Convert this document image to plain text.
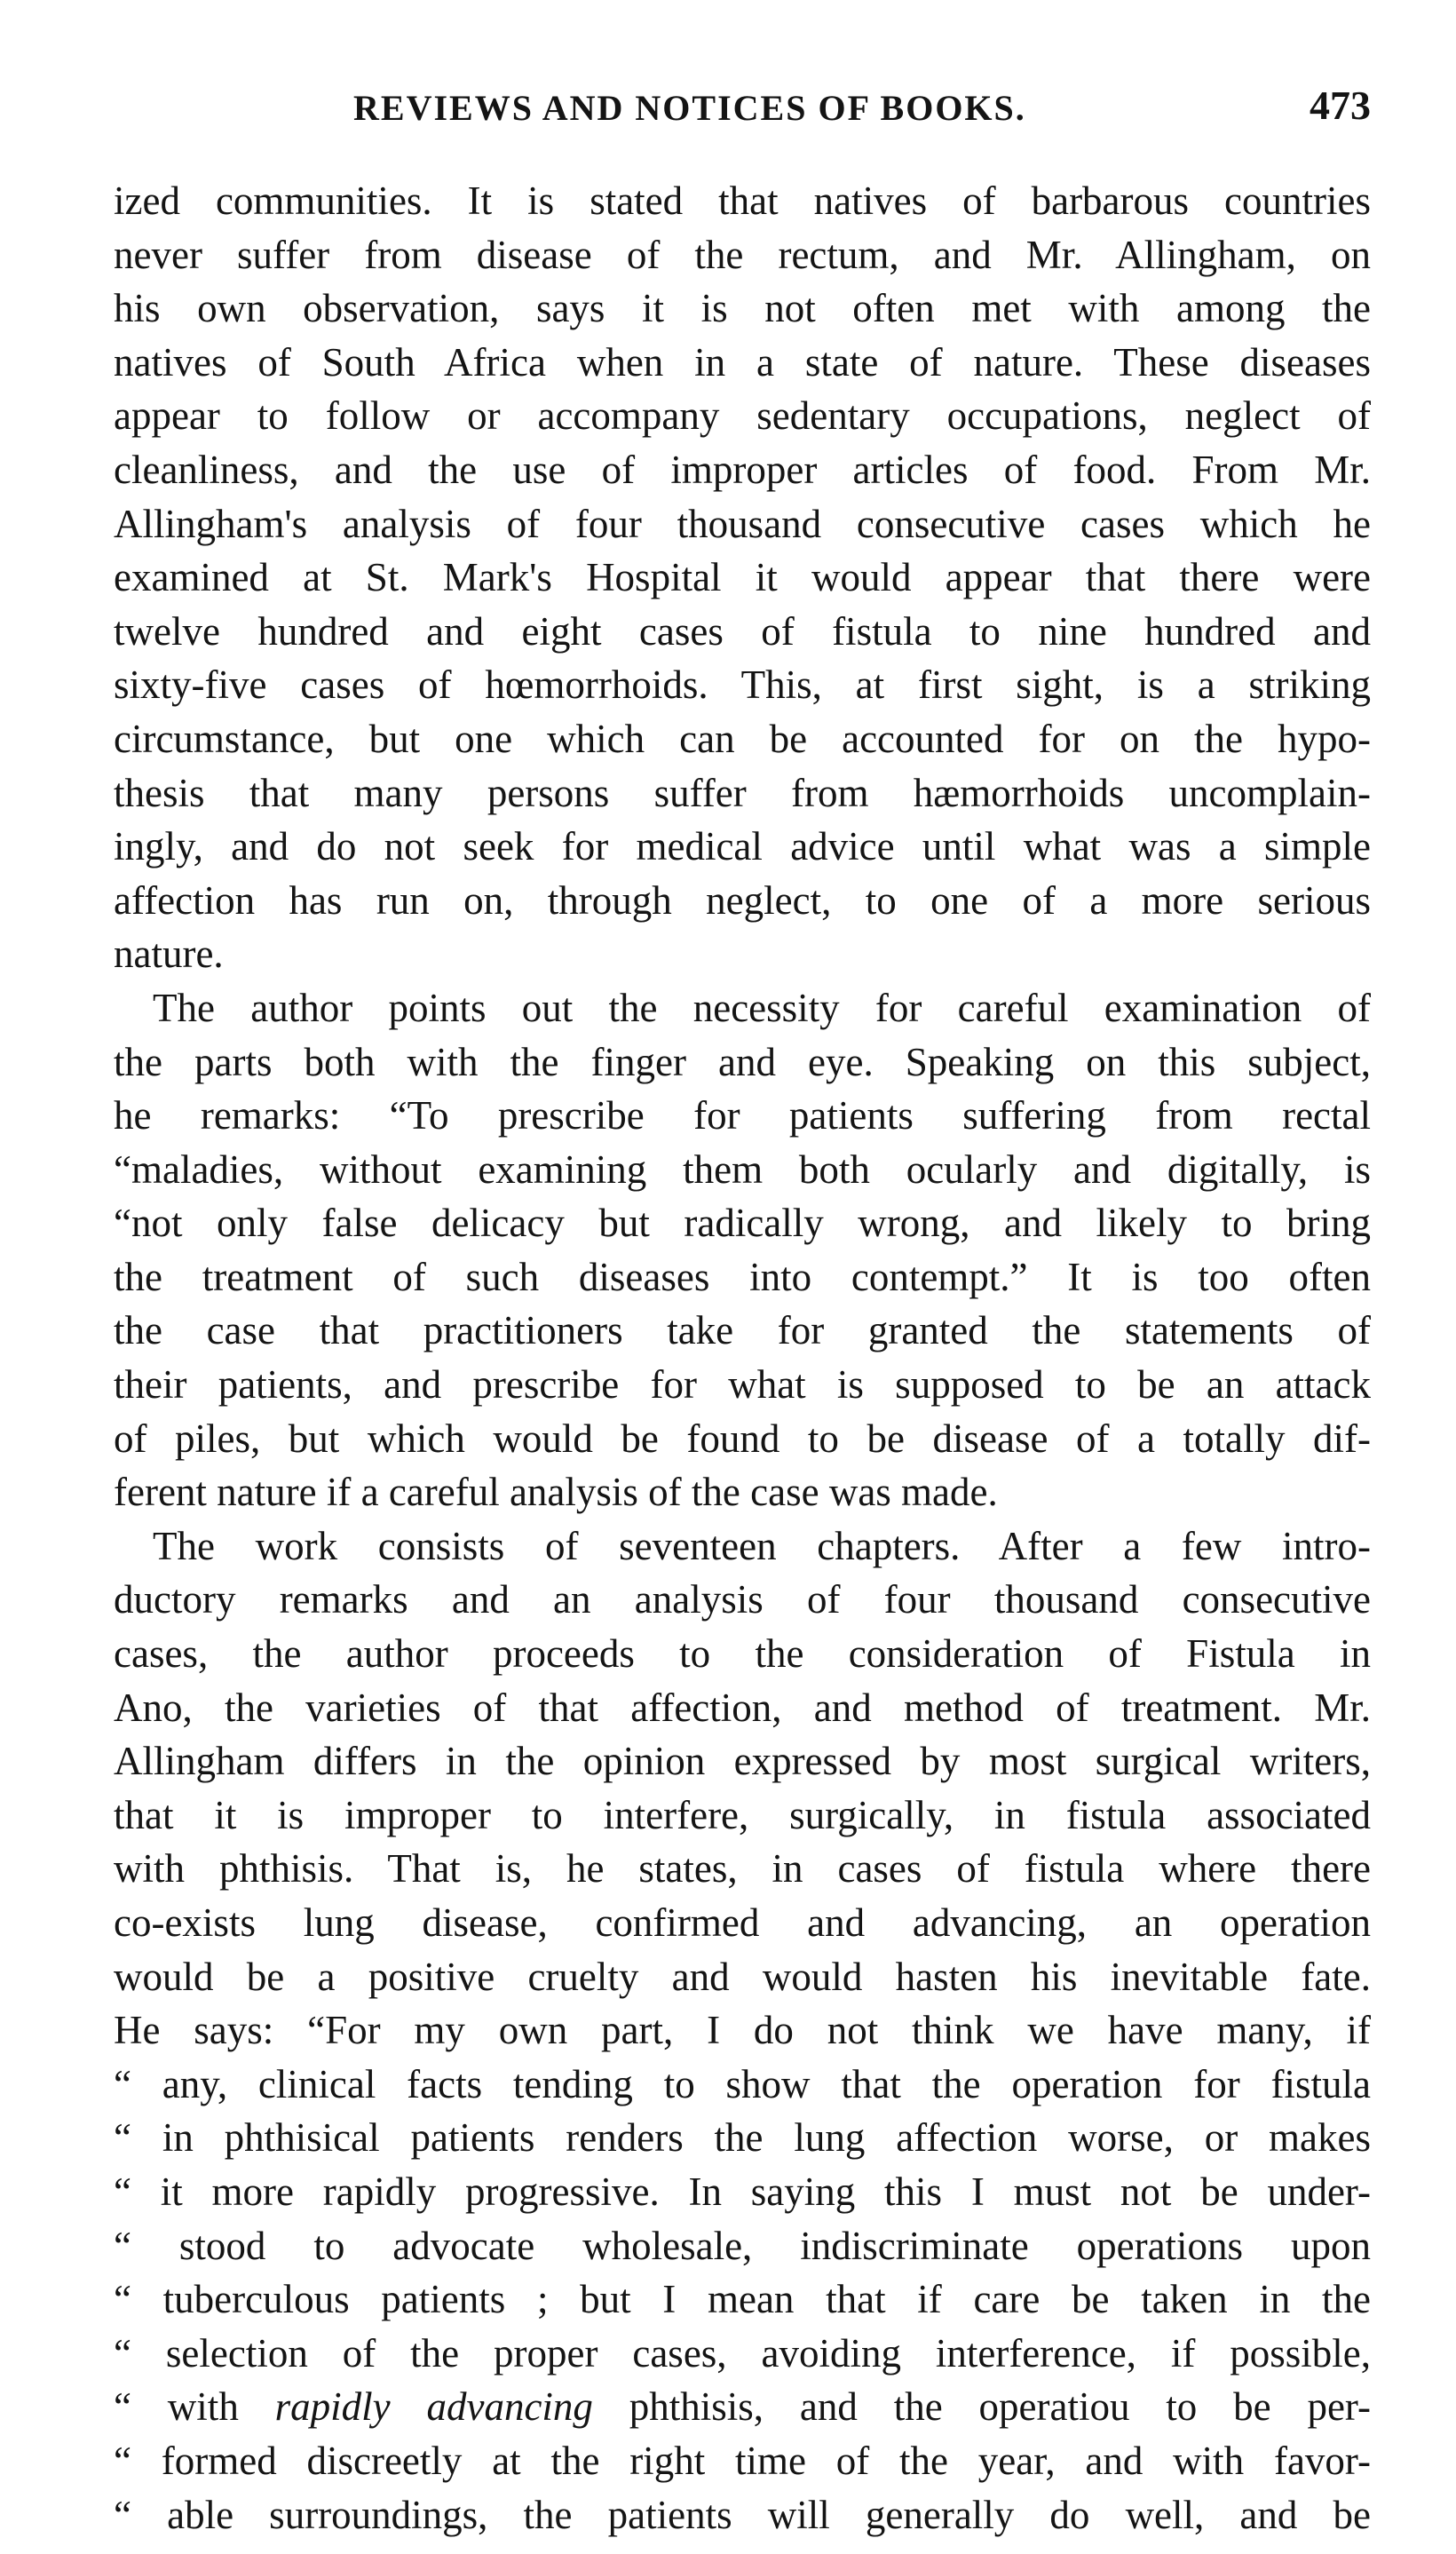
REVIEWS AND NOTICES OF BOOKS.	473
ized communities. It is stated that natives of barbarous countries
never suffer from disease of the rectum, and Mr. Allingham, on
his own observation, says it is not often met with among the
natives of South Africa when in a state of nature. These diseases
appear to follow or accompany sedentary occupations, neglect of
cleanliness, and the use of improper articles of food. From Mr.
Allingham's analysis of four thousand consecutive cases which he
examined at St. Mark's Hospital it would appear that there were
twelve hundred and eight cases of fistula to nine hundred and
sixty-five cases of hœmorrhoids. This, at first sight, is a striking
circumstance, but one which can be accounted for on the hypo-
thesis that many persons suffer from hæmorrhoids uncomplain-
ingly, and do not seek for medical advice until what was a simple
affection has run on, through neglect, to one of a more serious
nature.
The author points out the necessity for careful examination of
the parts both with the finger and eye. Speaking on this subject,
he remarks: “To prescribe for patients suffering from rectal
“maladies, without examining them both ocularly and digitally, is
“not only false delicacy but radically wrong, and likely to bring
the treatment of such diseases into contempt.” It is too often
the case that practitioners take for granted the statements of
their patients, and prescribe for what is supposed to be an attack
of piles, but which would be found to be disease of a totally dif-
ferent nature if a careful analysis of the case was made.
The work consists of seventeen chapters. After a few intro-
ductory remarks and an analysis of four thousand consecutive
cases, the author proceeds to the consideration of Fistula in
Ano, the varieties of that affection, and method of treatment. Mr.
Allingham differs in the opinion expressed by most surgical writers,
that it is improper to interfere, surgically, in fistula associated
with phthisis. That is, he states, in cases of fistula where there
co-exists lung disease, confirmed and advancing, an operation
would be a positive cruelty and would hasten his inevitable fate.
He says: “For my own part, I do not think we have many, if
“ any, clinical facts tending to show that the operation for fistula
“ in phthisical patients renders the lung affection worse, or makes
“ it more rapidly progressive. In saying this I must not be under-
“ stood to advocate wholesale, indiscriminate operations upon
“ tuberculous patients ; but I mean that if care be taken in the
“ selection of the proper cases, avoiding interference, if possible,
“ with rapidly advancing phthisis, and the operatiou to be per-
“ formed discreetly at the right time of the year, and with favor-
“ able surroundings, the patients will generally do well, and be
